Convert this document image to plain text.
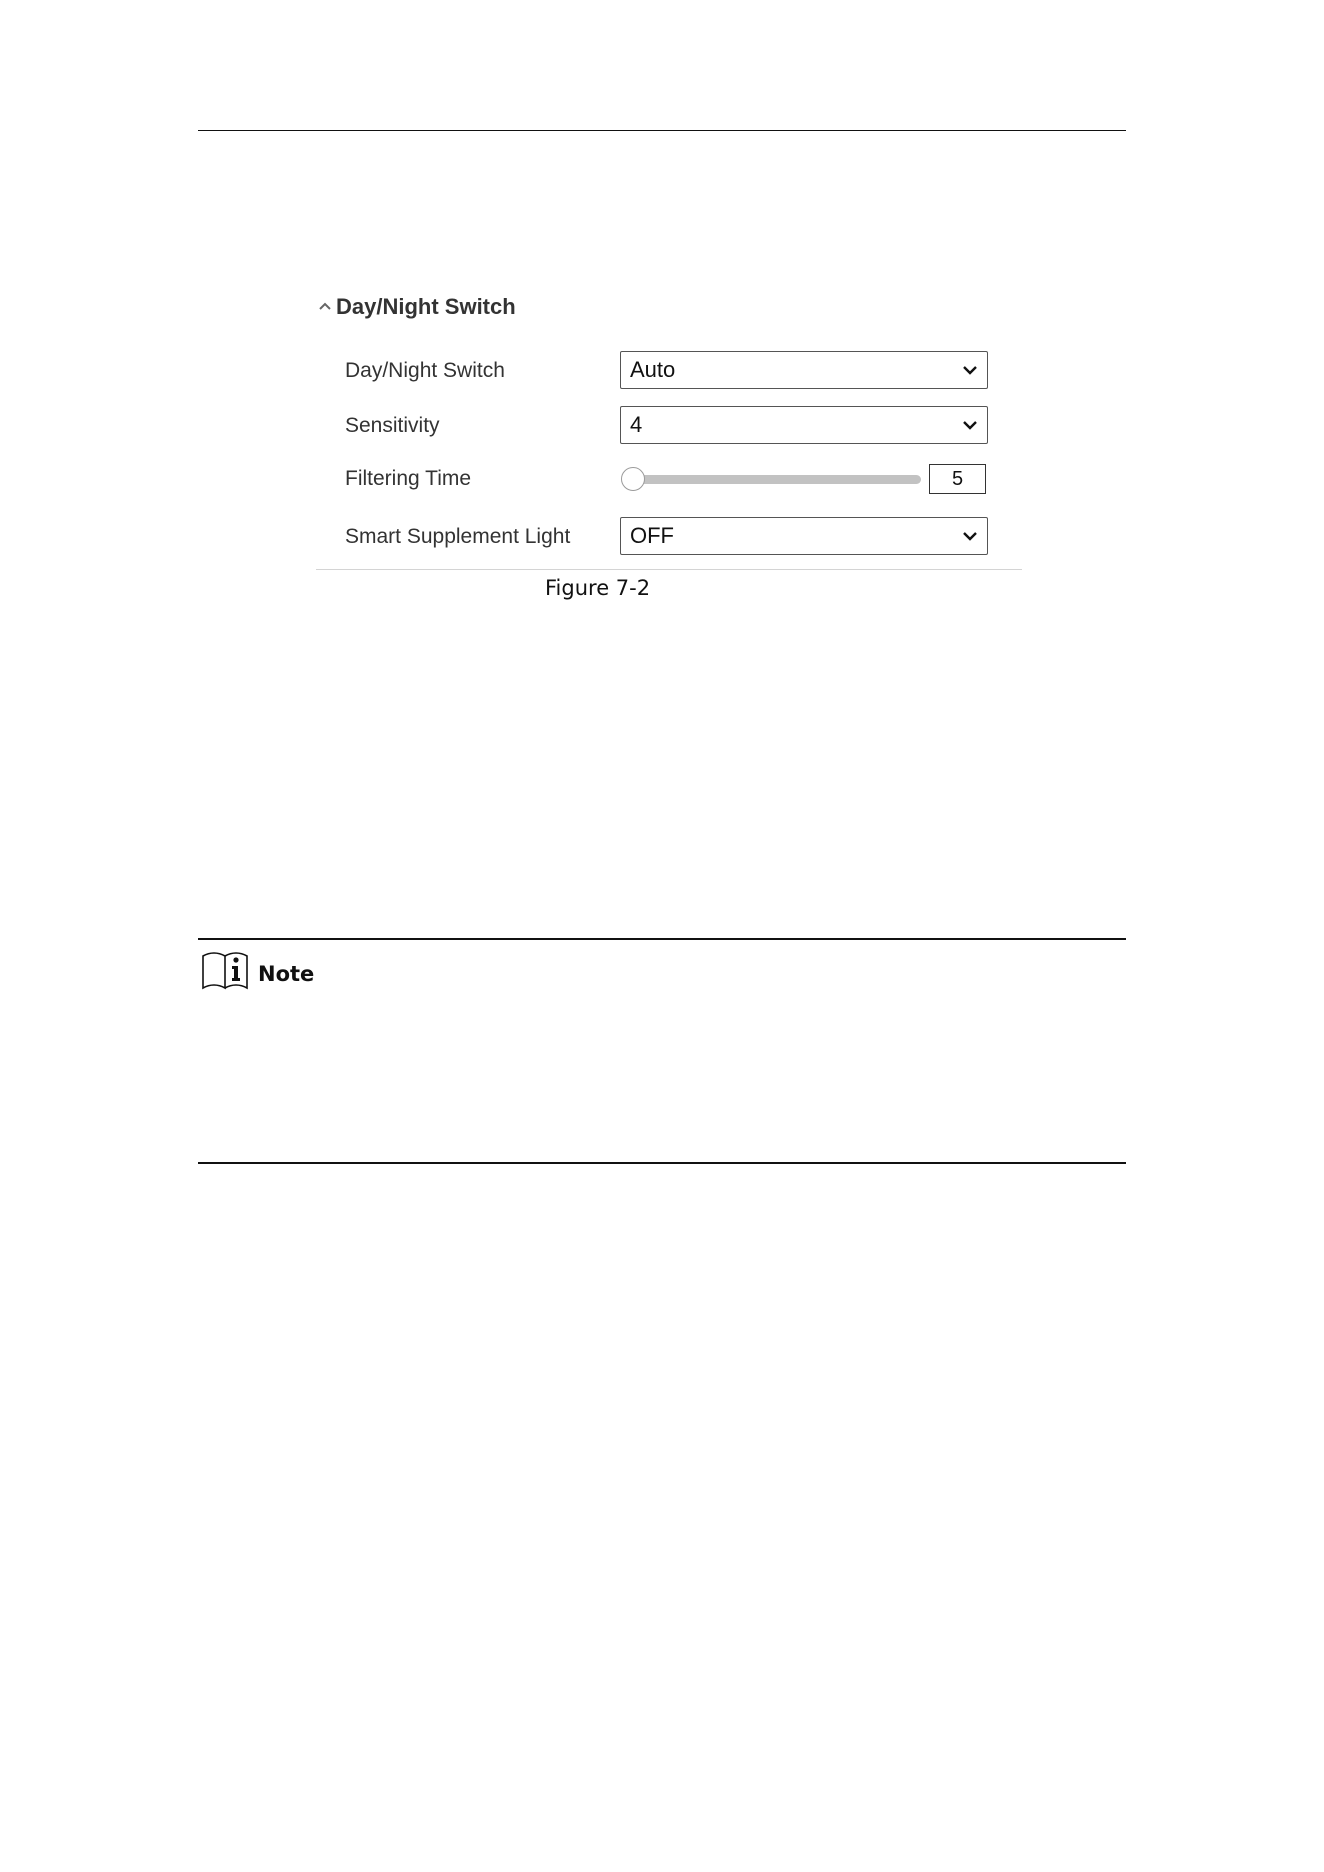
Day/Night Switch
Day/Night Switch	Auto
Sensitivity	4
Filtering Time	5
Smart Supplement Light	OFF
Figure 7-2
Note
